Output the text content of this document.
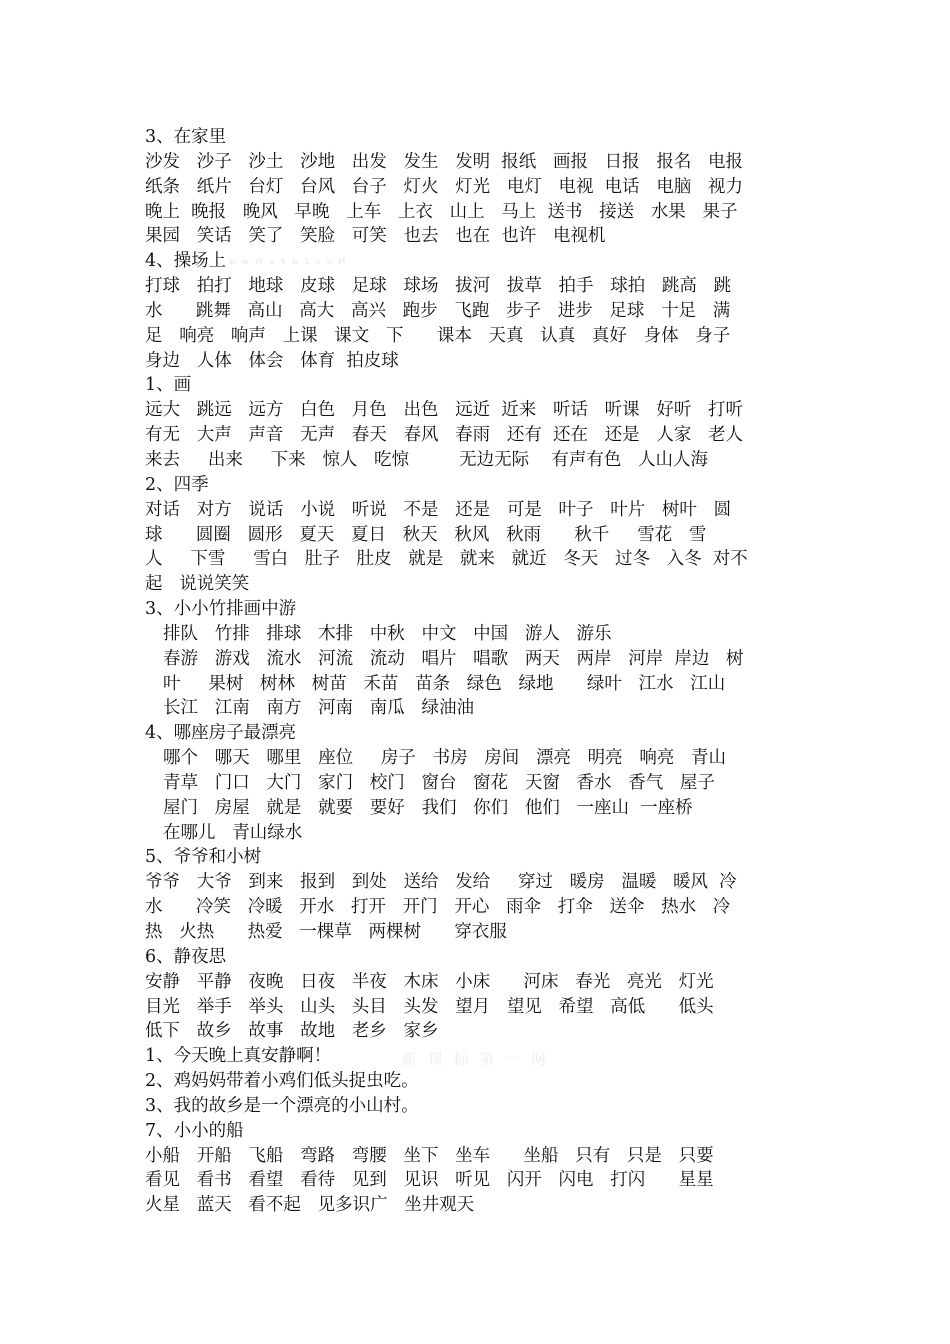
3、在家里
沙发   沙子   沙土   沙地   出发   发生   发明  报纸   画报   日报   报名   电报
纸条   纸片   台灯   台风   台子   灯火   灯光   电灯   电视  电话   电脑   视力
晚上  晚报   晚风   早晚   上车   上衣   山上   马上  送书   接送   水果   果子
果园   笑话   笑了   笑脸   可笑   也去   也在  也许   电视机
4、操场上 w w W x K b 1 c o M
打球   拍打   地球   皮球   足球   球场   拔河   拔草   拍手   球拍   跳高   跳
水      跳舞   高山   高大   高兴   跑步   飞跑   步子   进步   足球   十足   满
足   响亮   响声   上课   课文   下      课本   天真   认真   真好   身体   身子
身边   人体   体会   体育  拍皮球
1、画
远大   跳远   远方   白色   月色   出色   远近  近来   听话   听课   好听   打听
有无   大声   声音   无声   春天   春风   春雨   还有  还在   还是   人家   老人
来去     出来     下来   惊人   吃惊         无边无际    有声有色   人山人海
2、四季
对话   对方   说话   小说   听说   不是   还是   可是   叶子   叶片   树叶   圆
球      圆圈   圆形   夏天   夏日   秋天   秋风   秋雨      秋千     雪花   雪
人     下雪     雪白   肚子   肚皮   就是   就来   就近   冬天   过冬   入冬  对不
起   说说笑笑
3、小小竹排画中游
排队   竹排   排球   木排   中秋   中文   中国   游人   游乐
春游   游戏   流水   河流   流动   唱片   唱歌   两天   两岸   河岸  岸边   树
叶     果树   树林   树苗   禾苗   苗条   绿色   绿地      绿叶   江水   江山
长江   江南   南方   河南   南瓜   绿油油
4、哪座房子最漂亮
哪个   哪天   哪里   座位     房子   书房   房间   漂亮   明亮   响亮   青山
青草   门口   大门   家门   校门   窗台   窗花   天窗   香水   香气   屋子
屋门   房屋   就是   就要   要好   我们   你们   他们   一座山  一座桥
在哪儿   青山绿水
5、爷爷和小树
爷爷   大爷   到来   报到   到处   送给   发给     穿过   暖房   温暖   暖风  冷
水      冷笑   冷暖   开水   打开   开门   开心   雨伞   打伞   送伞   热水   冷
热   火热      热爱   一棵草   两棵树      穿衣服
6、静夜思
安静   平静   夜晚   日夜   半夜   木床   小床      河床   春光   亮光   灯光
目光   举手   举头   山头   头目   头发   望月   望见   希望   高低      低头
低下   故乡   故事   故地   老乡   家乡
1、今天晚上真安静啊！
2、鸡妈妈带着小鸡们低头捉虫吃。
3、我的故乡是一个漂亮的小山村。
7、小小的船
小船   开船   飞船   弯路   弯腰   坐下   坐车      坐船   只有   只是   只要
看见   看书   看望   看待   见到   见识   听见   闪开   闪电   打闪      星星
火星   蓝天   看不起   见多识广   坐井观天
新 课 标 第 一 网
